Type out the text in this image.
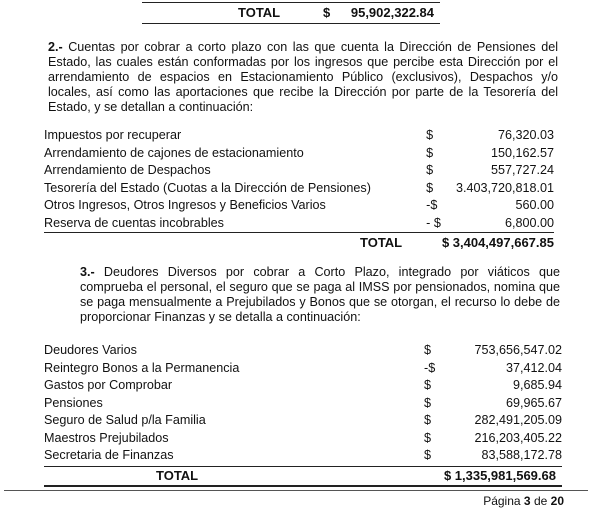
TOTAL	$ 95,902,322.84
2.- Cuentas por cobrar a corto plazo con las que cuenta la Dirección de Pensiones del Estado, las cuales están conformadas por los ingresos que percibe esta Dirección por el arrendamiento de espacios en Estacionamiento Público (exclusivos), Despachos y/o locales, así como las aportaciones que recibe la Dirección por parte de la Tesorería del Estado, y se detallan a continuación:
Impuestos por recuperar	$	76,320.03
Arrendamiento de cajones de estacionamiento	$	150,162.57
Arrendamiento de Despachos	$	557,727.24
Tesorería del Estado (Cuotas a la Dirección de Pensiones)	$	3.403,720,818.01
Otros Ingresos, Otros Ingresos y Beneficios Varios	-$	560.00
Reserva de cuentas incobrables	- $	6,800.00
TOTAL	$ 3,404,497,667.85
3.- Deudores Diversos por cobrar a Corto Plazo, integrado por viáticos que comprueba el personal, el seguro que se paga al IMSS por pensionados, nomina que se paga mensualmente a Prejubilados y Bonos que se otorgan, el recurso lo debe de proporcionar Finanzas y se detalla a continuación:
Deudores Varios	$	753,656,547.02
Reintegro Bonos a la Permanencia	-$	37,412.04
Gastos por Comprobar	$	9,685.94
Pensiones	$	69,965.67
Seguro de Salud p/la Familia	$	282,491,205.09
Maestros Prejubilados	$	216,203,405.22
Secretaria de Finanzas	$	83,588,172.78
TOTAL	$ 1,335,981,569.68
Página 3 de 20
